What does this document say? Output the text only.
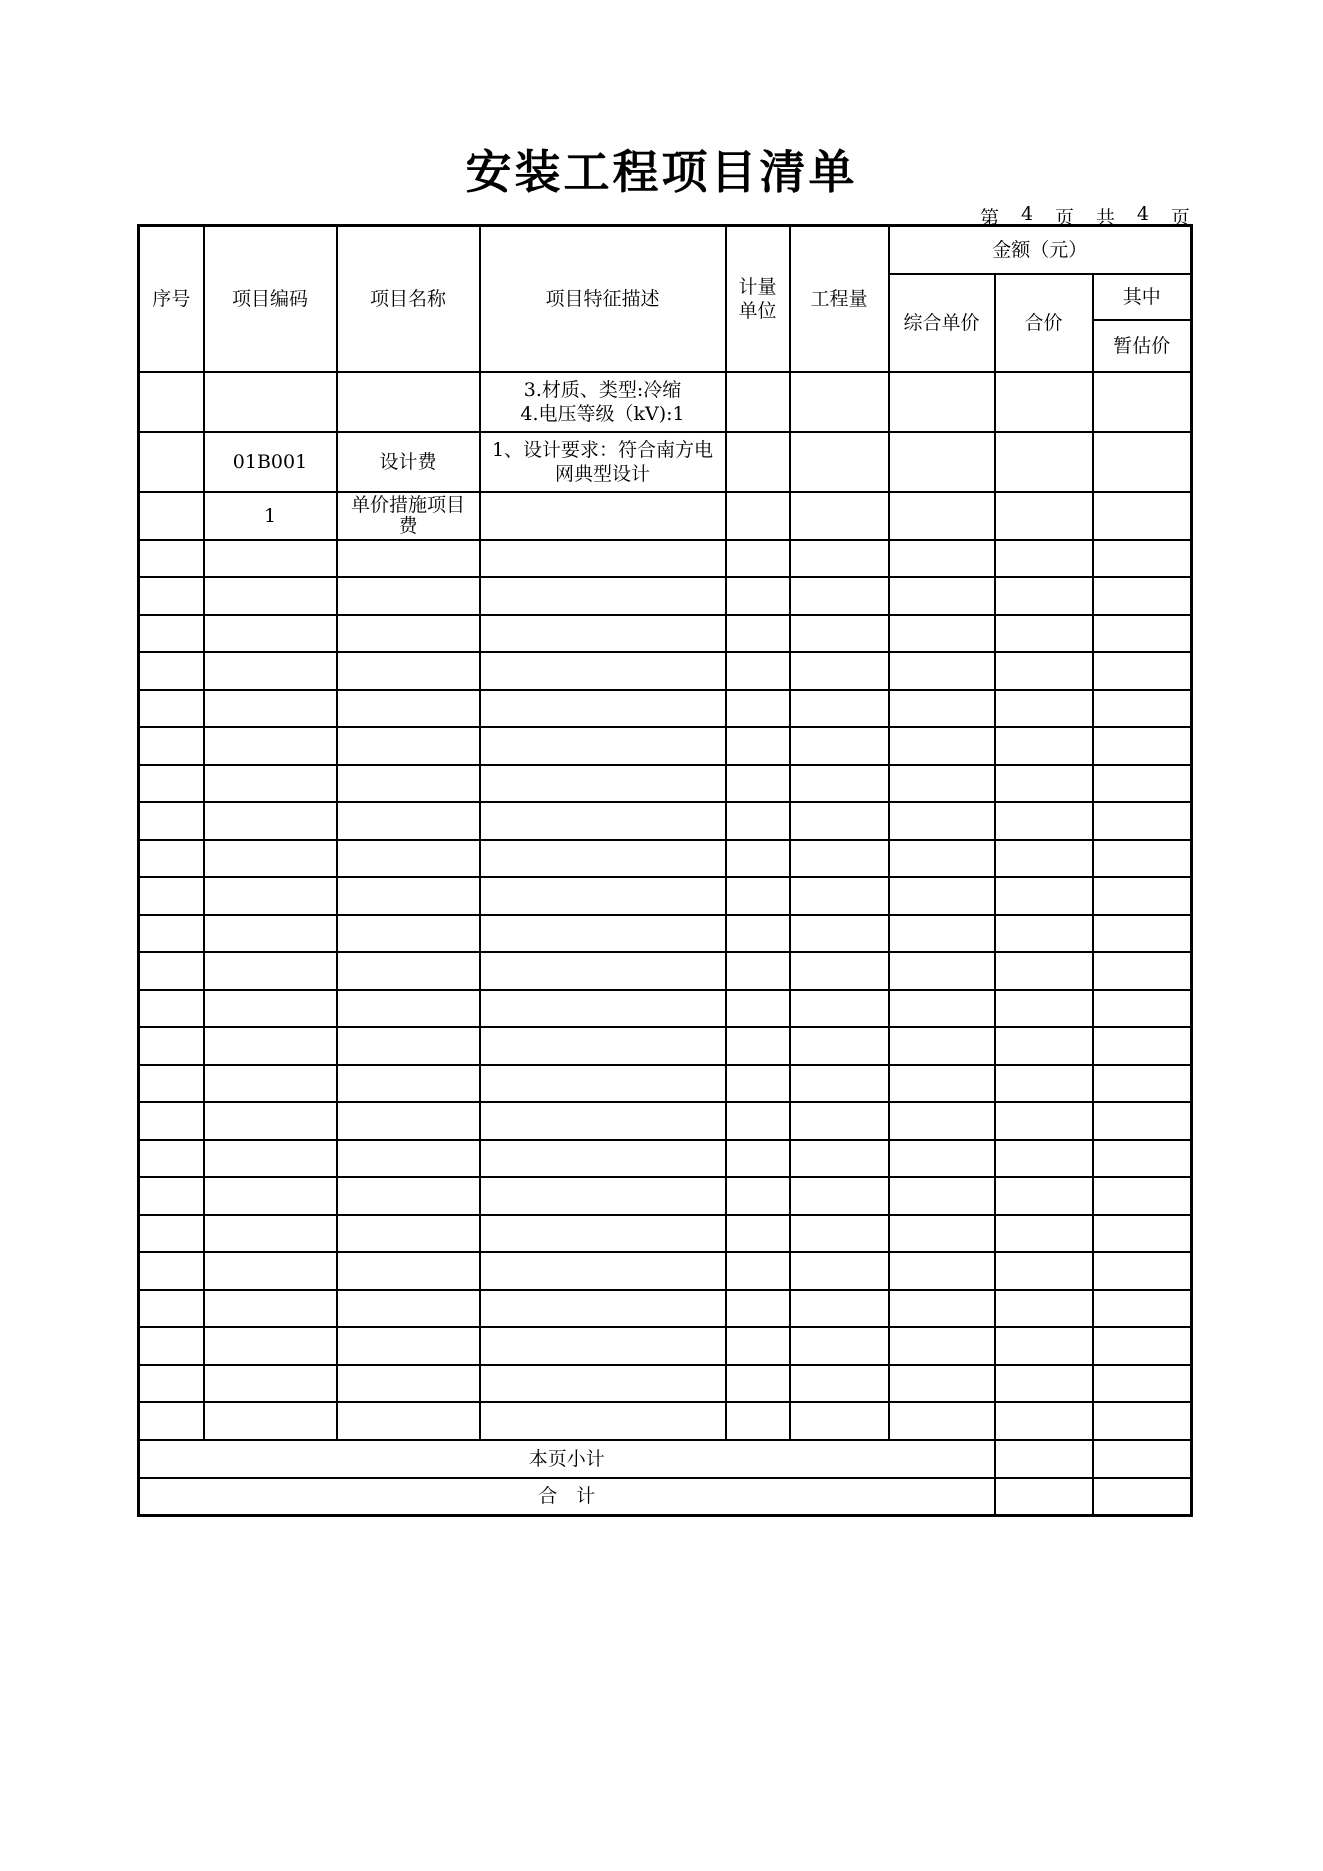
安装工程项目清单
第 4 页 共 4 页
序号	项目编码	项目名称	项目特征描述	计量单位	工程量	金额（元）		
						综合单价	合价	其中
								暂估价

			3.材质、类型:冷缩
4.电压等级（kV):1					

	01B001	设计费	1、设计要求：符合南方电
网典型设计					

	1	单价措施项目
费						

本页小计								
合　计								
